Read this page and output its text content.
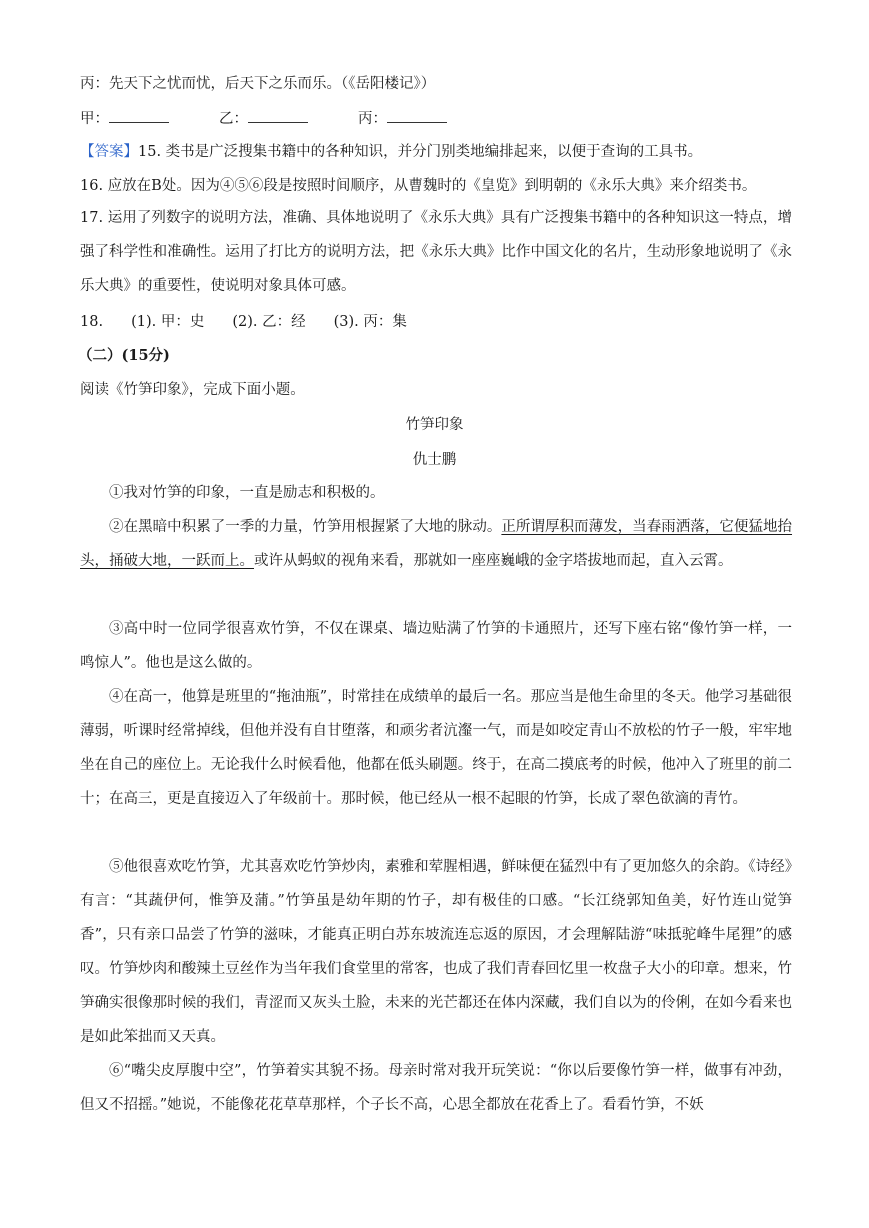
丙：先天下之忧而忧，后天下之乐而乐。（《岳阳楼记》）
甲：	乙：	丙：
【答案】15. 类书是广泛搜集书籍中的各种知识，并分门别类地编排起来，以便于查询的工具书。
16. 应放在B处。因为④⑤⑥段是按照时间顺序，从曹魏时的《皇览》到明朝的《永乐大典》来介绍类书。
17. 运用了列数字的说明方法，准确、具体地说明了《永乐大典》具有广泛搜集书籍中的各种知识这一特点，增强了科学性和准确性。运用了打比方的说明方法，把《永乐大典》比作中国文化的名片，生动形象地说明了《永乐大典》的重要性，使说明对象具体可感。
18. (1). 甲：史 (2). 乙：经 (3). 丙：集
（二）(15分)
阅读《竹笋印象》，完成下面小题。
竹笋印象
仇士鹏
①我对竹笋的印象，一直是励志和积极的。
②在黑暗中积累了一季的力量，竹笋用根握紧了大地的脉动。正所谓厚积而薄发，当春雨洒落，它便猛地抬头，捅破大地，一跃而上。或许从蚂蚁的视角来看，那就如一座座巍峨的金字塔拔地而起，直入云霄。
③高中时一位同学很喜欢竹笋，不仅在课桌、墙边贴满了竹笋的卡通照片，还写下座右铭“像竹笋一样，一鸣惊人”。他也是这么做的。
④在高一，他算是班里的“拖油瓶”，时常挂在成绩单的最后一名。那应当是他生命里的冬天。他学习基础很薄弱，听课时经常掉线，但他并没有自甘堕落，和顽劣者沆瀣一气，而是如咬定青山不放松的竹子一般，牢牢地坐在自己的座位上。无论我什么时候看他，他都在低头刷题。终于，在高二摸底考的时候，他冲入了班里的前二十；在高三，更是直接迈入了年级前十。那时候，他已经从一根不起眼的竹笋，长成了翠色欲滴的青竹。
⑤他很喜欢吃竹笋，尤其喜欢吃竹笋炒肉，素雅和荤腥相遇，鲜味便在猛烈中有了更加悠久的余韵。《诗经》有言：“其蔬伊何，惟笋及蒲。”竹笋虽是幼年期的竹子，却有极佳的口感。“长江绕郭知鱼美，好竹连山觉笋香”，只有亲口品尝了竹笋的滋味，才能真正明白苏东坡流连忘返的原因，才会理解陆游“味抵驼峰牛尾狸”的感叹。竹笋炒肉和酸辣土豆丝作为当年我们食堂里的常客，也成了我们青春回忆里一枚盘子大小的印章。想来，竹笋确实很像那时候的我们，青涩而又灰头土脸，未来的光芒都还在体内深藏，我们自以为的伶俐，在如今看来也是如此笨拙而又天真。
⑥“嘴尖皮厚腹中空”，竹笋着实其貌不扬。母亲时常对我开玩笑说：“你以后要像竹笋一样，做事有冲劲，但又不招摇。”她说，不能像花花草草那样，个子长不高，心思全都放在花香上了。看看竹笋，不妖
